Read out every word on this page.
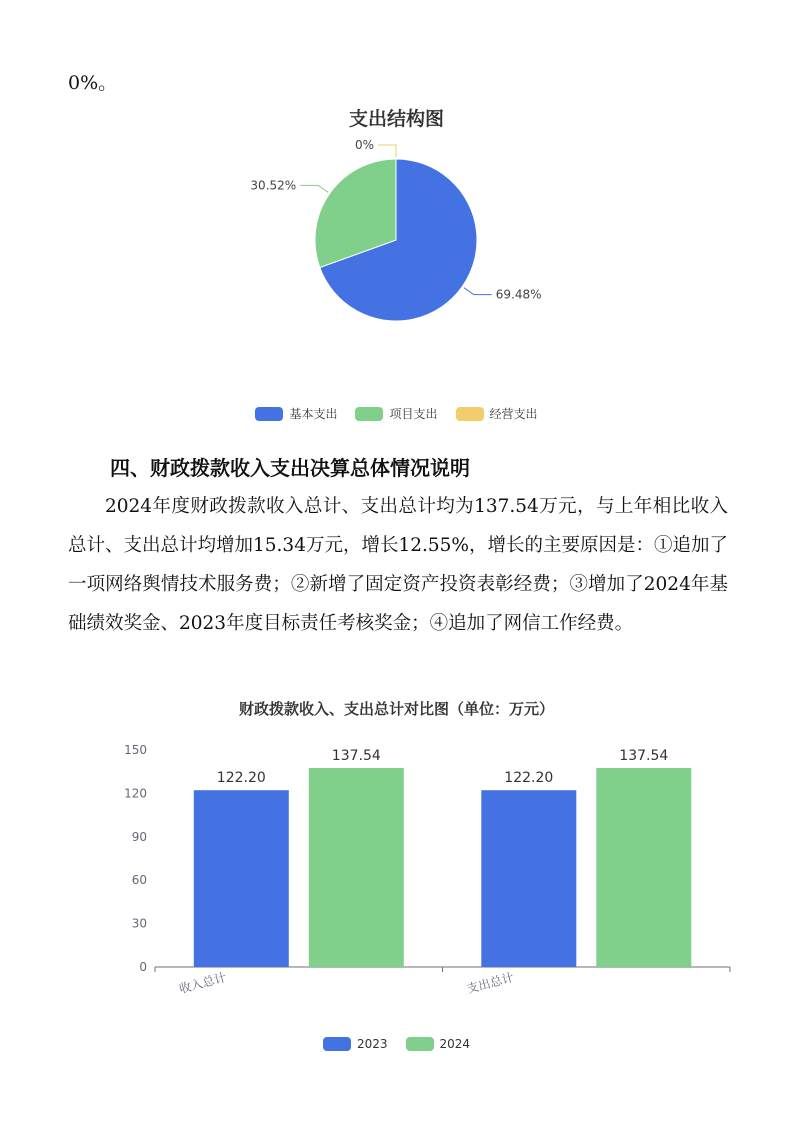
0%。
支出结构图
69.48%
30.52%
0%
基本支出	项目支出	经营支出
四、财政拨款收入支出决算总体情况说明

2024年度财政拨款收入总计、支出总计均为137.54万元，与上年相比收入总计、支出总计均增加15.34万元，增长12.55%，增长的主要原因是：①追加了一项网络舆情技术服务费；②新增了固定资产投资表彰经费；③增加了2024年基础绩效奖金、2023年度目标责任考核奖金；④追加了网信工作经费。

财政拨款收入、支出总计对比图（单位：万元）
0
30
60
90
120
150
122.20
137.54
收入总计
122.20
137.54
支出总计
2023	2024
